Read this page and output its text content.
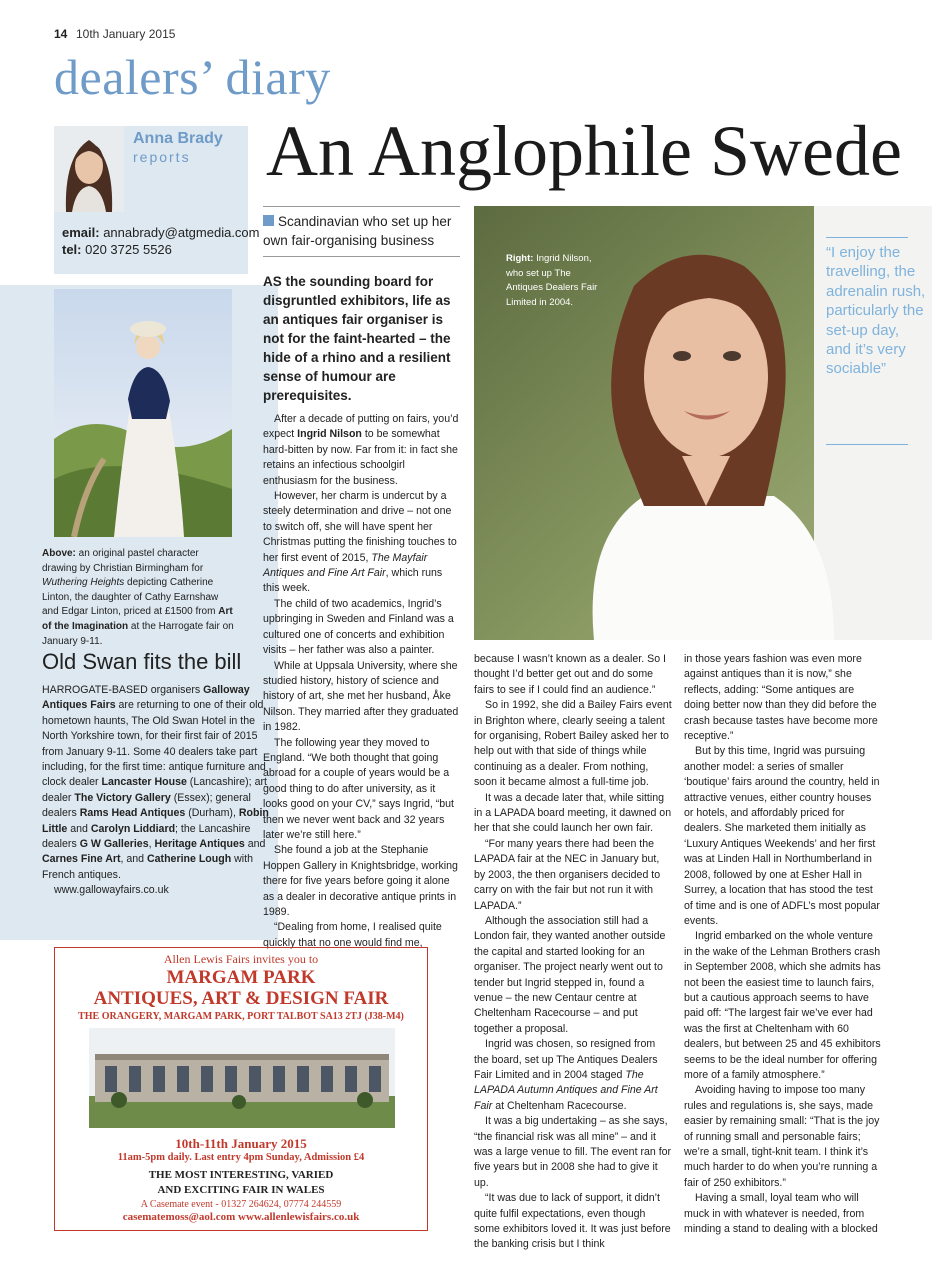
14 10th January 2015
dealers’ diary
An Anglophile Swede
Anna Brady
reports
email: annabrady@atgmedia.com
tel: 020 3725 5526
Above: an original pastel character drawing by Christian Birmingham for Wuthering Heights depicting Catherine Linton, the daughter of Cathy Earnshaw and Edgar Linton, priced at £1500 from Art of the Imagination at the Harrogate fair on January 9-11.
Old Swan fits the bill
HARROGATE-BASED organisers Galloway Antiques Fairs are returning to one of their old hometown haunts, The Old Swan Hotel in the North Yorkshire town, for their first fair of 2015 from January 9-11. Some 40 dealers take part including, for the first time: antique furniture and clock dealer Lancaster House (Lancashire); art dealer The Victory Gallery (Essex); general dealers Rams Head Antiques (Durham), Robin Little and Carolyn Liddiard; the Lancashire dealers G W Galleries, Heritage Antiques and Carnes Fine Art, and Catherine Lough with French antiques.
www.gallowayfairs.co.uk
Scandinavian who set up her own fair-organising business
AS the sounding board for disgruntled exhibitors, life as an antiques fair organiser is not for the faint-hearted – the hide of a rhino and a resilient sense of humour are prerequisites.

After a decade of putting on fairs, you’d expect Ingrid Nilson to be somewhat hard-bitten by now. Far from it: in fact she retains an infectious schoolgirl enthusiasm for the business.

However, her charm is undercut by a steely determination and drive – not one to switch off, she will have spent her Christmas putting the finishing touches to her first event of 2015, The Mayfair Antiques and Fine Art Fair, which runs this week.

The child of two academics, Ingrid’s upbringing in Sweden and Finland was a cultured one of concerts and exhibition visits – her father was also a painter.

While at Uppsala University, where she studied history, history of science and history of art, she met her husband, Åke Nilson. They married after they graduated in 1982.

The following year they moved to England. “We both thought that going abroad for a couple of years would be a good thing to do after university, as it looks good on your CV,” says Ingrid, “but then we never went back and 32 years later we’re still here.”

She found a job at the Stephanie Hoppen Gallery in Knightsbridge, working there for five years before going it alone as a dealer in decorative antique prints in 1989.

“Dealing from home, I realised quite quickly that no one would find me,

Right: Ingrid Nilson, who set up The Antiques Dealers Fair Limited in 2004.
“I enjoy the travelling, the adrenalin rush, particularly the set-up day, and it’s very sociable”

because I wasn’t known as a dealer. So I thought I’d better get out and do some fairs to see if I could find an audience.”

So in 1992, she did a Bailey Fairs event in Brighton where, clearly seeing a talent for organising, Robert Bailey asked her to help out with that side of things while continuing as a dealer. From nothing, soon it became almost a full-time job.

It was a decade later that, while sitting in a LAPADA board meeting, it dawned on her that she could launch her own fair.

“For many years there had been the LAPADA fair at the NEC in January but, by 2003, the then organisers decided to carry on with the fair but not run it with LAPADA.”

Although the association still had a London fair, they wanted another outside the capital and started looking for an organiser. The project nearly went out to tender but Ingrid stepped in, found a venue – the new Centaur centre at Cheltenham Racecourse – and put together a proposal.

Ingrid was chosen, so resigned from the board, set up The Antiques Dealers Fair Limited and in 2004 staged The LAPADA Autumn Antiques and Fine Art Fair at Cheltenham Racecourse.

It was a big undertaking – as she says, “the financial risk was all mine” – and it was a large venue to fill. The event ran for five years but in 2008 she had to give it up.

“It was due to lack of support, it didn’t quite fulfil expectations, even though some exhibitors loved it. It was just before the banking crisis but I think

in those years fashion was even more against antiques than it is now,” she reflects, adding: “Some antiques are doing better now than they did before the crash because tastes have become more receptive.”

But by this time, Ingrid was pursuing another model: a series of smaller ‘boutique’ fairs around the country, held in attractive venues, either country houses or hotels, and affordably priced for dealers. She marketed them initially as ‘Luxury Antiques Weekends’ and her first was at Linden Hall in Northumberland in 2008, followed by one at Esher Hall in Surrey, a location that has stood the test of time and is one of ADFL’s most popular events.

Ingrid embarked on the whole venture in the wake of the Lehman Brothers crash in September 2008, which she admits has not been the easiest time to launch fairs, but a cautious approach seems to have paid off: “The largest fair we’ve ever had was the first at Cheltenham with 60 dealers, but between 25 and 45 exhibitors seems to be the ideal number for offering more of a family atmosphere.”

Avoiding having to impose too many rules and regulations is, she says, made easier by remaining small: “That is the joy of running small and personable fairs; we’re a small, tight-knit team. I think it’s much harder to do when you’re running a fair of 250 exhibitors.”

Having a small, loyal team who will muck in with whatever is needed, from minding a stand to dealing with a blocked

Allen Lewis Fairs invites you to
MARGAM PARK
ANTIQUES, ART & DESIGN FAIR
THE ORANGERY, MARGAM PARK, PORT TALBOT SA13 2TJ (J38-M4)
10th-11th January 2015
11am-5pm daily. Last entry 4pm Sunday, Admission £4
THE MOST INTERESTING, VARIED
AND EXCITING FAIR IN WALES
A Casemate event - 01327 264624, 07774 244559
casematemoss@aol.com www.allenlewisfairs.co.uk
